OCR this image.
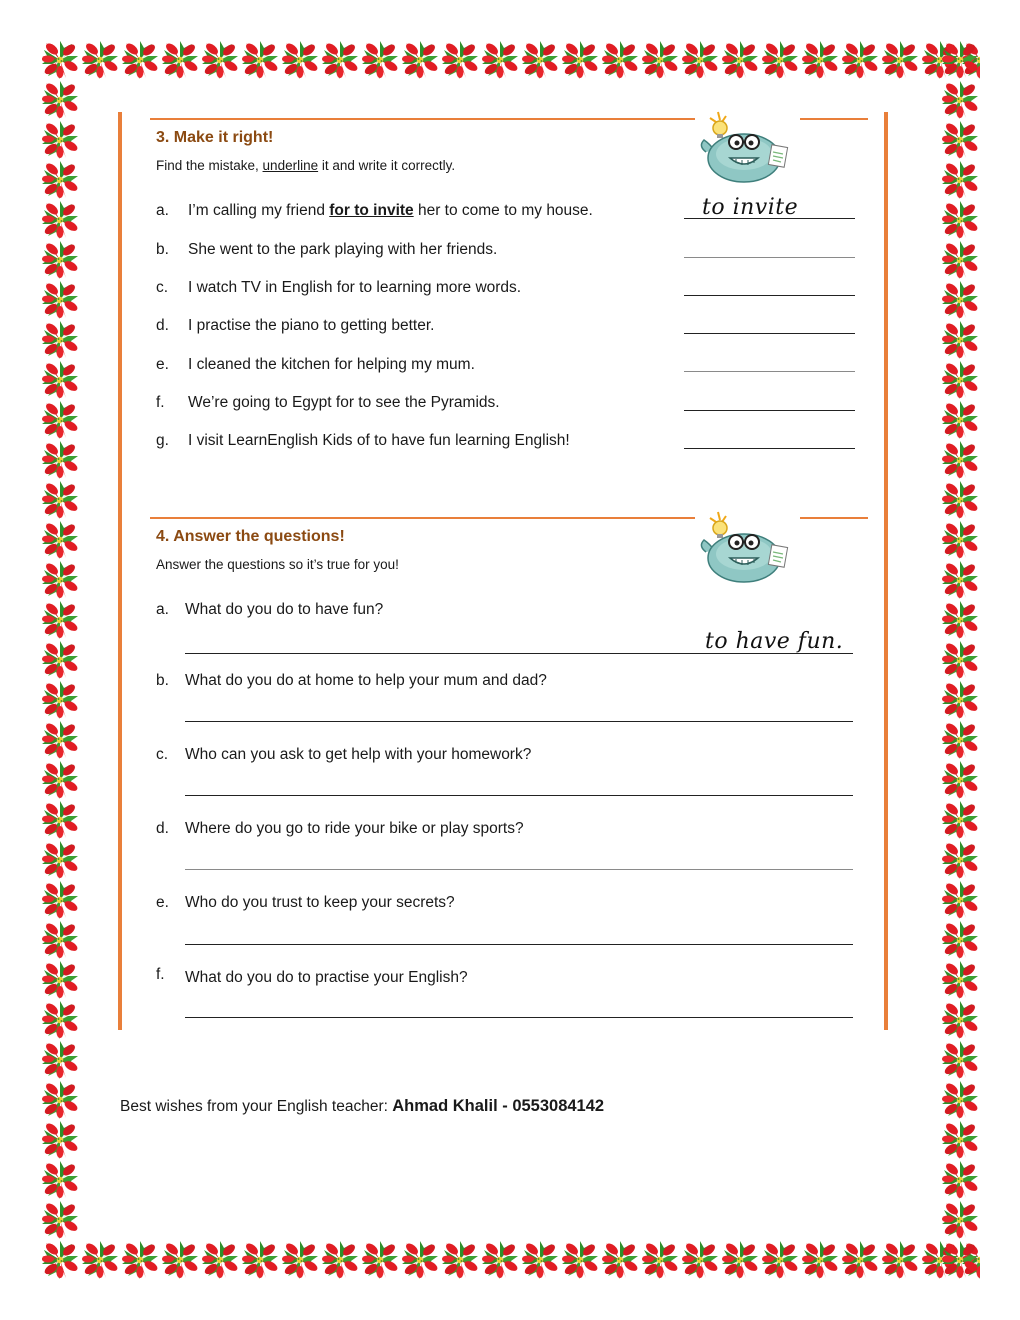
3. Make it right!
Find the mistake, underline it and write it correctly.
a. I’m calling my friend for to invite her to come to my house.
b. She went to the park playing with her friends.
c. I watch TV in English for to learning more words.
d. I practise the piano to getting better.
e. I cleaned the kitchen for helping my mum.
f. We’re going to Egypt for to see the Pyramids.
g. I visit LearnEnglish Kids of to have fun learning English!
to invite
4. Answer the questions!
Answer the questions so it’s true for you!
a. What do you do to have fun?
to have fun.
b. What do you do at home to help your mum and dad?
c. Who can you ask to get help with your homework?
d. Where do you go to ride your bike or play sports?
e. Who do you trust to keep your secrets?
f. What do you do to practise your English?
Best wishes from your English teacher: Ahmad Khalil - 0553084142
